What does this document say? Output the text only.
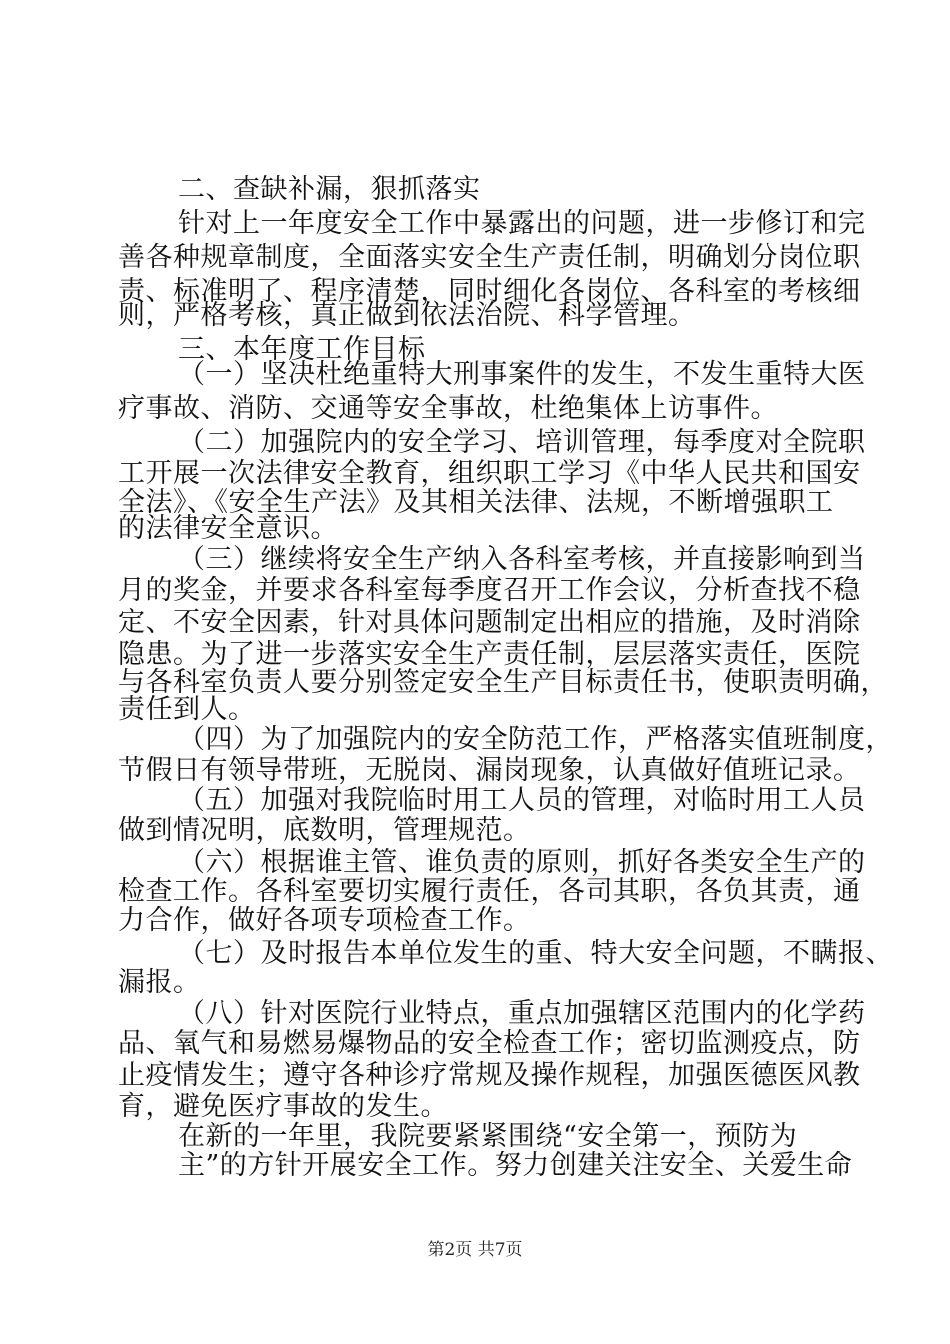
二、查缺补漏，狠抓落实
针对上一年度安全工作中暴露出的问题，进一步修订和完
善各种规章制度，全面落实安全生产责任制，明确划分岗位职
责、标准明了、程序清楚，同时细化各岗位、各科室的考核细
则，严格考核，真正做到依法治院、科学管理。
三、本年度工作目标
（一）坚决杜绝重特大刑事案件的发生，不发生重特大医
疗事故、消防、交通等安全事故，杜绝集体上访事件。
（二）加强院内的安全学习、培训管理，每季度对全院职
工开展一次法律安全教育，组织职工学习《中华人民共和国安
全法》、《安全生产法》及其相关法律、法规，不断增强职工
的法律安全意识。
（三）继续将安全生产纳入各科室考核，并直接影响到当
月的奖金，并要求各科室每季度召开工作会议，分析查找不稳
定、不安全因素，针对具体问题制定出相应的措施，及时消除
隐患。为了进一步落实安全生产责任制，层层落实责任，医院
与各科室负责人要分别签定安全生产目标责任书，使职责明确，
责任到人。
（四）为了加强院内的安全防范工作，严格落实值班制度，
节假日有领导带班，无脱岗、漏岗现象，认真做好值班记录。
（五）加强对我院临时用工人员的管理，对临时用工人员
做到情况明，底数明，管理规范。
（六）根据谁主管、谁负责的原则，抓好各类安全生产的
检查工作。各科室要切实履行责任，各司其职，各负其责，通
力合作，做好各项专项检查工作。
（七）及时报告本单位发生的重、特大安全问题，不瞒报、
漏报。
（八）针对医院行业特点，重点加强辖区范围内的化学药
品、氧气和易燃易爆物品的安全检查工作；密切监测疫点，防
止疫情发生；遵守各种诊疗常规及操作规程，加强医德医风教
育，避免医疗事故的发生。
在新的一年里，我院要紧紧围绕“安全第一，预防为
主”的方针开展安全工作。努力创建关注安全、关爱生命
第2页 共7页
